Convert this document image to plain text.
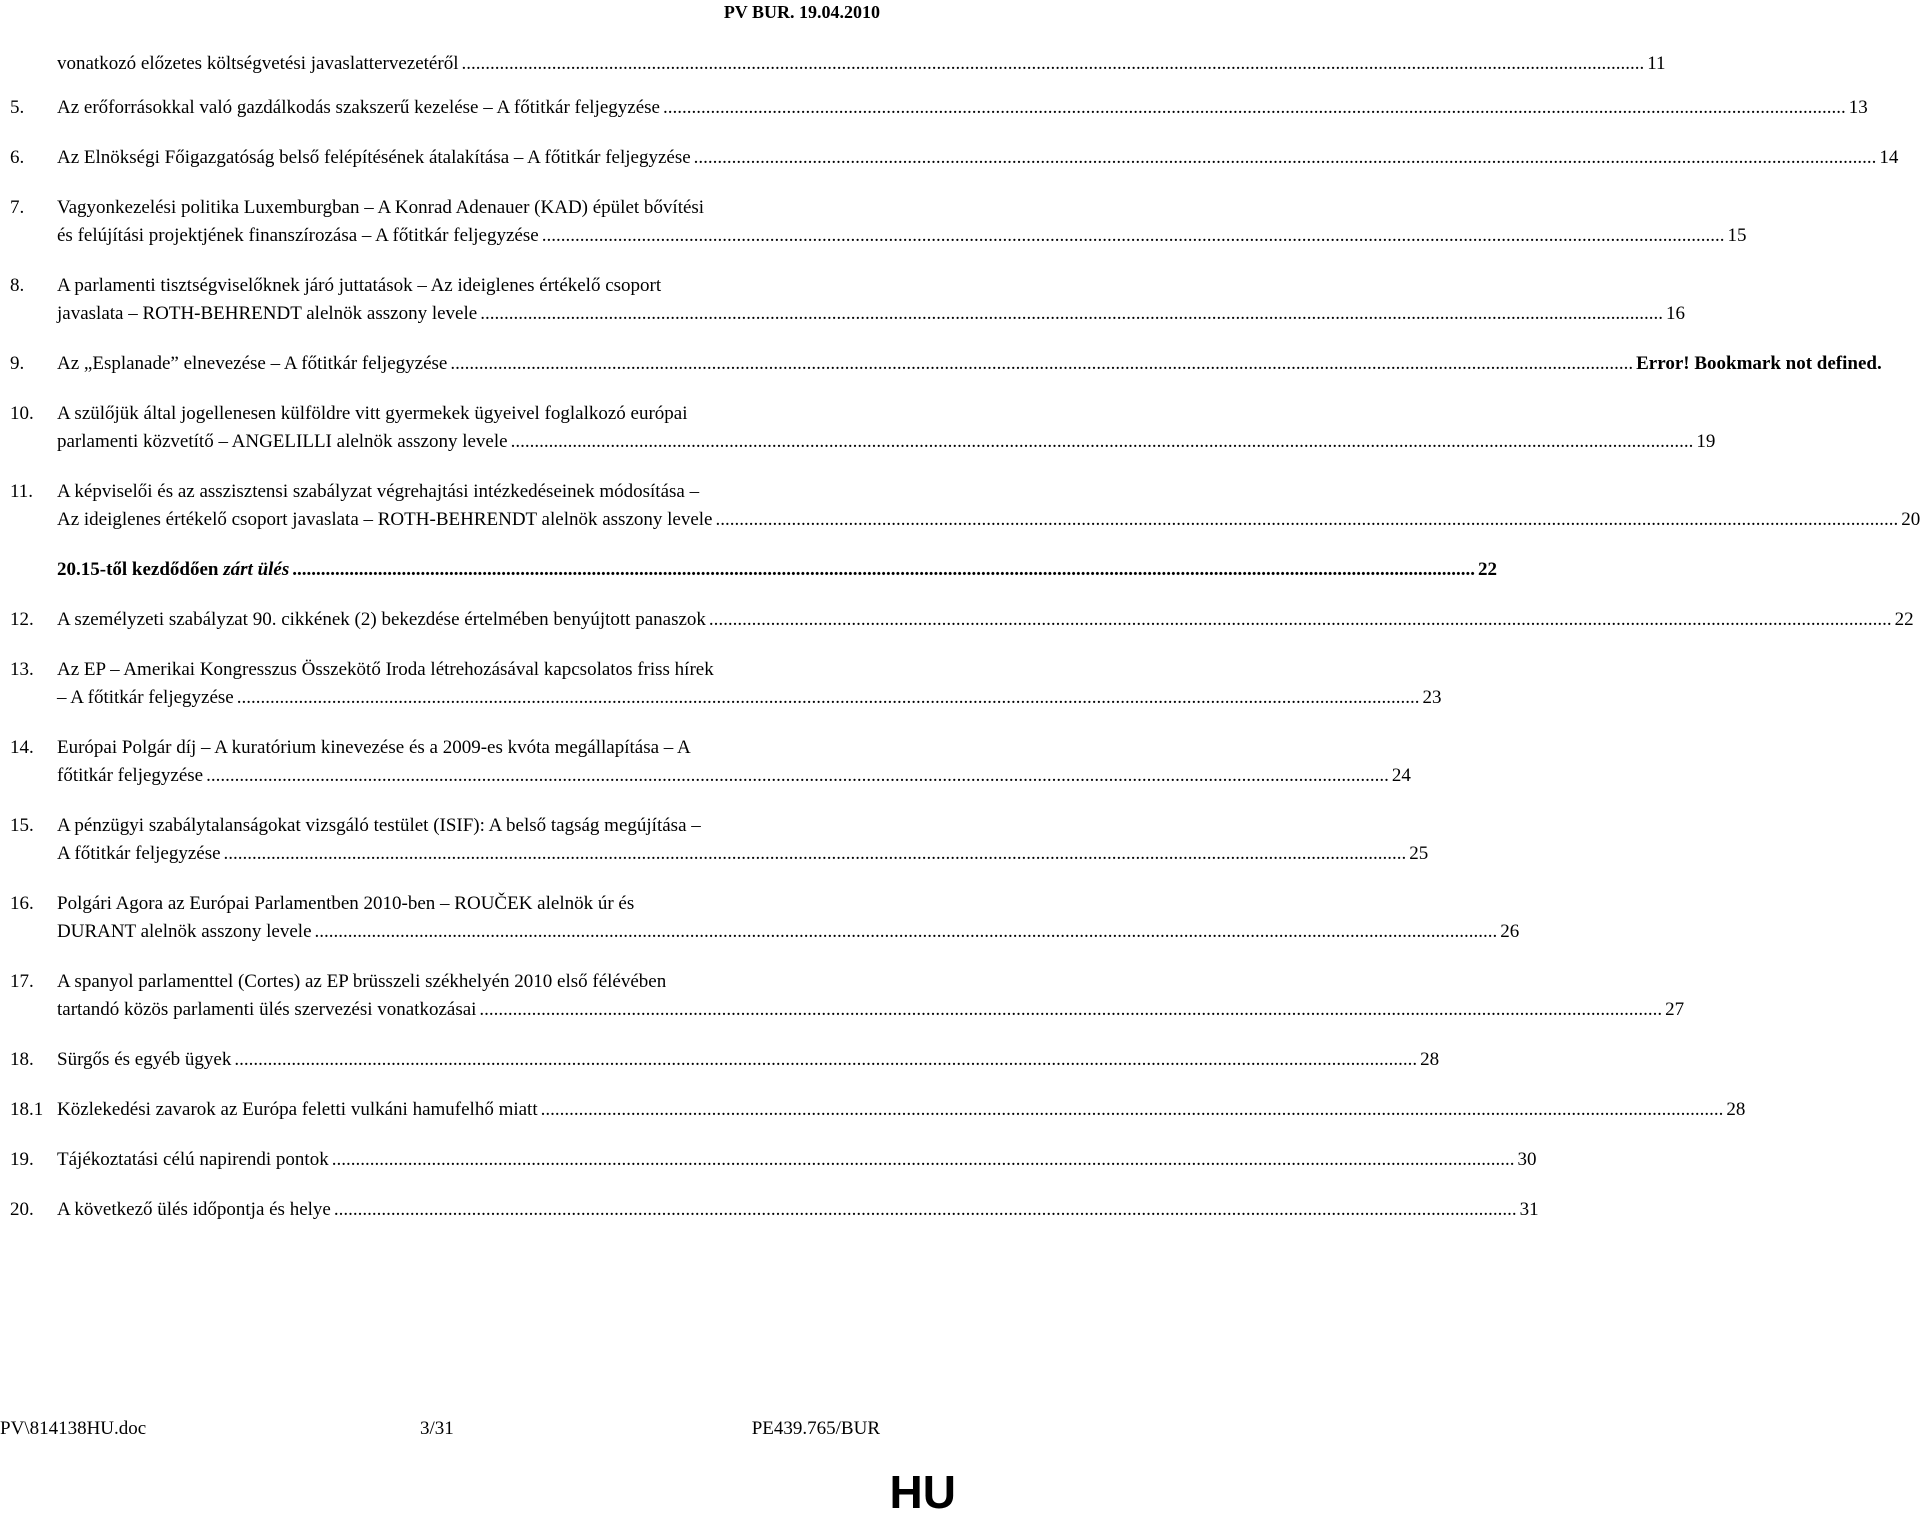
PV BUR. 19.04.2010
vonatkozó előzetes költségvetési javaslattervezetéről .....	11
5. Az erőforrásokkal való gazdálkodás szakszerű kezelése – A főtitkár feljegyzése .....	13
6. Az Elnökségi Főigazgatóság belső felépítésének átalakítása – A főtitkár feljegyzése .....	14
7. Vagyonkezelési politika Luxemburgban – A Konrad Adenauer (KAD) épület bővítési
és felújítási projektjének finanszírozása – A főtitkár feljegyzése .....	15
8. A parlamenti tisztségviselőknek járó juttatások – Az ideiglenes értékelő csoport
javaslata – ROTH-BEHRENDT alelnök asszony levele .....	16
9. Az „Esplanade” elnevezése – A főtitkár feljegyzése .....	Error! Bookmark not defined.
10. A szülőjük által jogellenesen külföldre vitt gyermekek ügyeivel foglalkozó európai
parlamenti közvetítő – ANGELILLI alelnök asszony levele .....	19
11. A képviselői és az asszisztensi szabályzat végrehajtási intézkedéseinek módosítása –
Az ideiglenes értékelő csoport javaslata – ROTH-BEHRENDT alelnök asszony levele .....	20
20.15-től kezdődően zárt ülés .....	22
12. A személyzeti szabályzat 90. cikkének (2) bekezdése értelmében benyújtott panaszok .....	22
13. Az EP – Amerikai Kongresszus Összekötő Iroda létrehozásával kapcsolatos friss hírek
– A főtitkár feljegyzése .....	23
14. Európai Polgár díj – A kuratórium kinevezése és a 2009-es kvóta megállapítása – A
főtitkár feljegyzése .....	24
15. A pénzügyi szabálytalanságokat vizsgáló testület (ISIF): A belső tagság megújítása –
A főtitkár feljegyzése .....	25
16. Polgári Agora az Európai Parlamentben 2010-ben – ROUČEK alelnök úr és
DURANT alelnök asszony levele .....	26
17. A spanyol parlamenttel (Cortes) az EP brüsszeli székhelyén 2010 első félévében
tartandó közös parlamenti ülés szervezési vonatkozásai .....	27
18. Sürgős és egyéb ügyek .....	28
18.1 Közlekedési zavarok az Európa feletti vulkáni hamufelhő miatt .....	28
19. Tájékoztatási célú napirendi pontok .....	30
20. A következő ülés időpontja és helye .....	31
PV\814138HU.doc	3/31	PE439.765/BUR
HU
